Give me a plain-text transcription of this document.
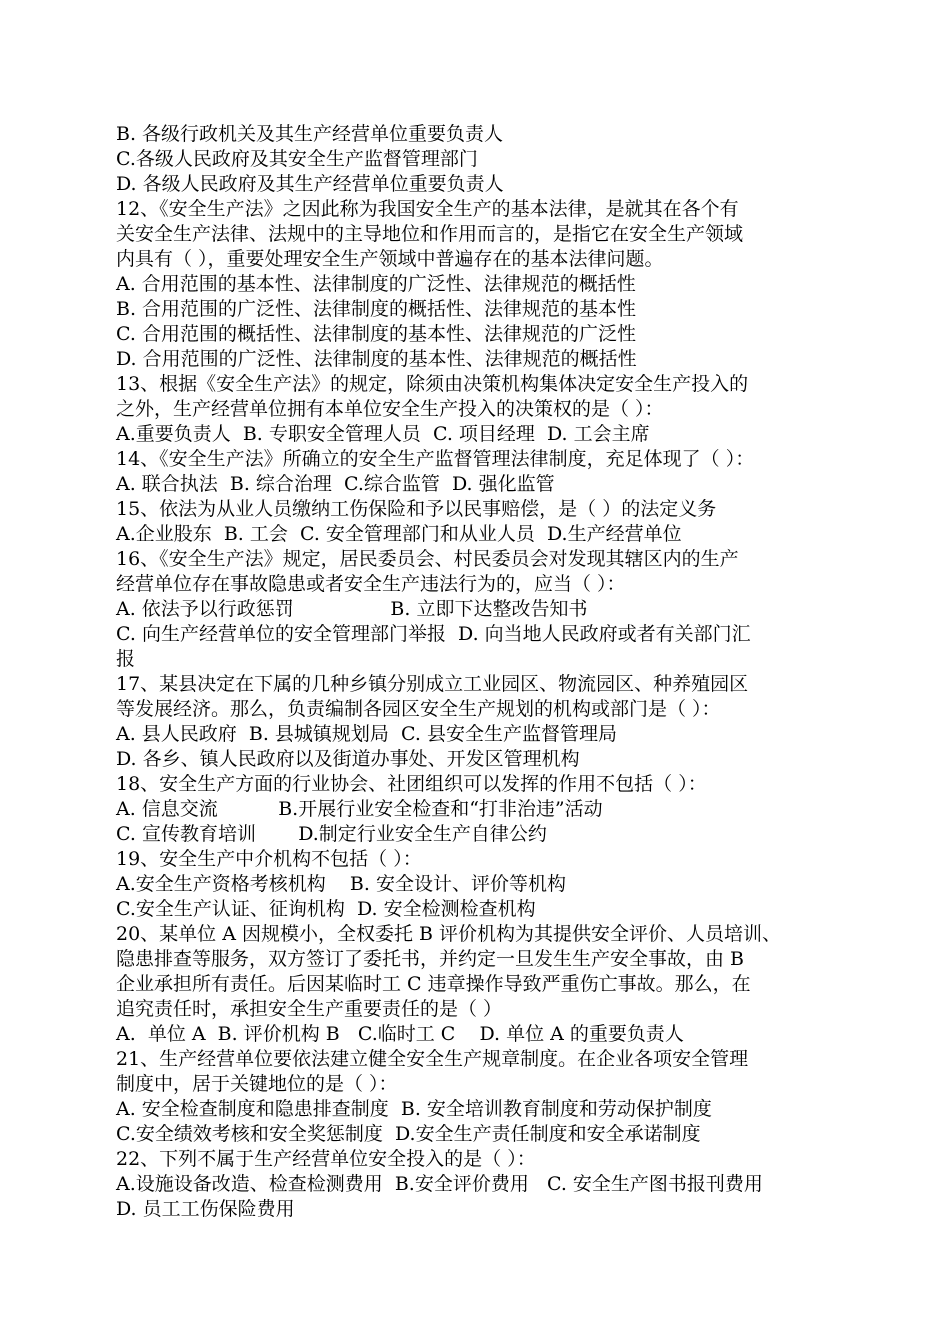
B. 各级行政机关及其生产经营单位重要负责人
C.各级人民政府及其安全生产监督管理部门
D. 各级人民政府及其生产经营单位重要负责人
12、《安全生产法》之因此称为我国安全生产的基本法律，是就其在各个有
关安全生产法律、法规中的主导地位和作用而言的，是指它在安全生产领域
内具有（ ），重要处理安全生产领域中普遍存在的基本法律问题。
A. 合用范围的基本性、法律制度的广泛性、法律规范的概括性
B. 合用范围的广泛性、法律制度的概括性、法律规范的基本性
C. 合用范围的概括性、法律制度的基本性、法律规范的广泛性
D. 合用范围的广泛性、法律制度的基本性、法律规范的概括性
13、根据《安全生产法》的规定，除须由决策机构集体决定安全生产投入的
之外，生产经营单位拥有本单位安全生产投入的决策权的是（ ）：
A.重要负责人  B. 专职安全管理人员  C. 项目经理  D. 工会主席
14、《安全生产法》所确立的安全生产监督管理法律制度，充足体现了（ ）：
A. 联合执法  B. 综合治理  C.综合监管  D. 强化监管
15、依法为从业人员缴纳工伤保险和予以民事赔偿，是（ ）的法定义务
A.企业股东  B. 工会  C. 安全管理部门和从业人员  D.生产经营单位
16、《安全生产法》规定，居民委员会、村民委员会对发现其辖区内的生产
经营单位存在事故隐患或者安全生产违法行为的，应当（ ）：
A. 依法予以行政惩罚                B. 立即下达整改告知书
C. 向生产经营单位的安全管理部门举报  D. 向当地人民政府或者有关部门汇
报
17、某县决定在下属的几种乡镇分别成立工业园区、物流园区、种养殖园区
等发展经济。那么，负责编制各园区安全生产规划的机构或部门是（ ）：
A. 县人民政府  B. 县城镇规划局  C. 县安全生产监督管理局
D. 各乡、镇人民政府以及街道办事处、开发区管理机构
18、安全生产方面的行业协会、社团组织可以发挥的作用不包括（ ）：
A. 信息交流          B.开展行业安全检查和“打非治违”活动
C. 宣传教育培训       D.制定行业安全生产自律公约
19、安全生产中介机构不包括（ ）：
A.安全生产资格考核机构    B. 安全设计、评价等机构
C.安全生产认证、征询机构  D. 安全检测检查机构
20、某单位 A 因规模小，全权委托 B 评价机构为其提供安全评价、人员培训、
隐患排查等服务，双方签订了委托书，并约定一旦发生生产安全事故，由 B
企业承担所有责任。后因某临时工 C 违章操作导致严重伤亡事故。那么，在
追究责任时，承担安全生产重要责任的是（ ）
A.  单位 A  B. 评价机构 B   C.临时工 C    D. 单位 A 的重要负责人
21、生产经营单位要依法建立健全安全生产规章制度。在企业各项安全管理
制度中，居于关键地位的是（ ）：
A. 安全检查制度和隐患排查制度  B. 安全培训教育制度和劳动保护制度
C.安全绩效考核和安全奖惩制度  D.安全生产责任制度和安全承诺制度
22、下列不属于生产经营单位安全投入的是（ ）：
A.设施设备改造、检查检测费用  B.安全评价费用   C. 安全生产图书报刊费用
D. 员工工伤保险费用
